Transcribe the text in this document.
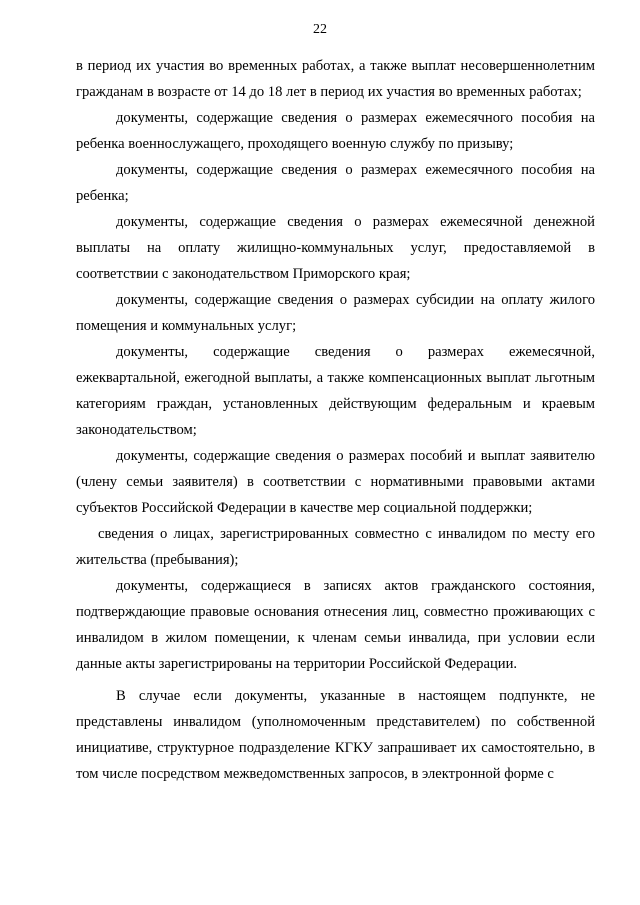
22

в период их участия во временных работах, а также выплат несовершеннолетним гражданам в возрасте от 14 до 18 лет в период их участия во временных работах;

документы, содержащие сведения о размерах ежемесячного пособия на ребенка военнослужащего, проходящего военную службу по призыву;

документы, содержащие сведения о размерах ежемесячного пособия на ребенка;

документы, содержащие сведения о размерах ежемесячной денежной выплаты на оплату жилищно-коммунальных услуг, предоставляемой в соответствии с законодательством Приморского края;

документы, содержащие сведения о размерах субсидии на оплату жилого помещения и коммунальных услуг;

документы, содержащие сведения о размерах ежемесячной, ежеквартальной, ежегодной выплаты, а также компенсационных выплат льготным категориям граждан, установленных действующим федеральным и краевым законодательством;

документы, содержащие сведения о размерах пособий и выплат заявителю (члену семьи заявителя) в соответствии с нормативными правовыми актами субъектов Российской Федерации в качестве мер социальной поддержки;

сведения о лицах, зарегистрированных совместно с инвалидом по месту его жительства (пребывания);

документы, содержащиеся в записях актов гражданского состояния, подтверждающие правовые основания отнесения лиц, совместно проживающих с инвалидом в жилом помещении, к членам семьи инвалида, при условии если данные акты зарегистрированы на территории Российской Федерации.

В случае если документы, указанные в настоящем подпункте, не представлены инвалидом (уполномоченным представителем) по собственной инициативе, структурное подразделение КГКУ запрашивает их самостоятельно, в том числе посредством межведомственных запросов, в электронной форме с
